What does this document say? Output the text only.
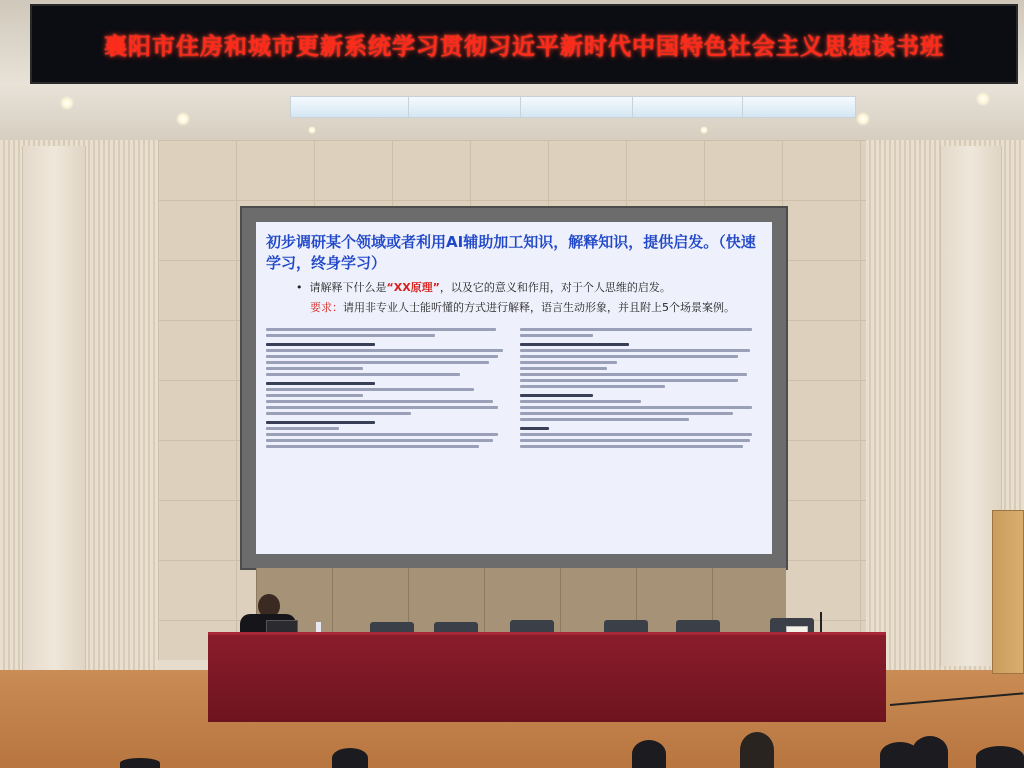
襄阳市住房和城市更新系统学习贯彻习近平新时代中国特色社会主义思想读书班

初步调研某个领域或者利用AI辅助加工知识，解释知识，提供启发。（快速学习，终身学习）

•  请解释下什么是“XX原理”，以及它的意义和作用，对于个人思维的启发。
要求：请用非专业人士能听懂的方式进行解释，语言生动形象，并且附上5个场景案例。
